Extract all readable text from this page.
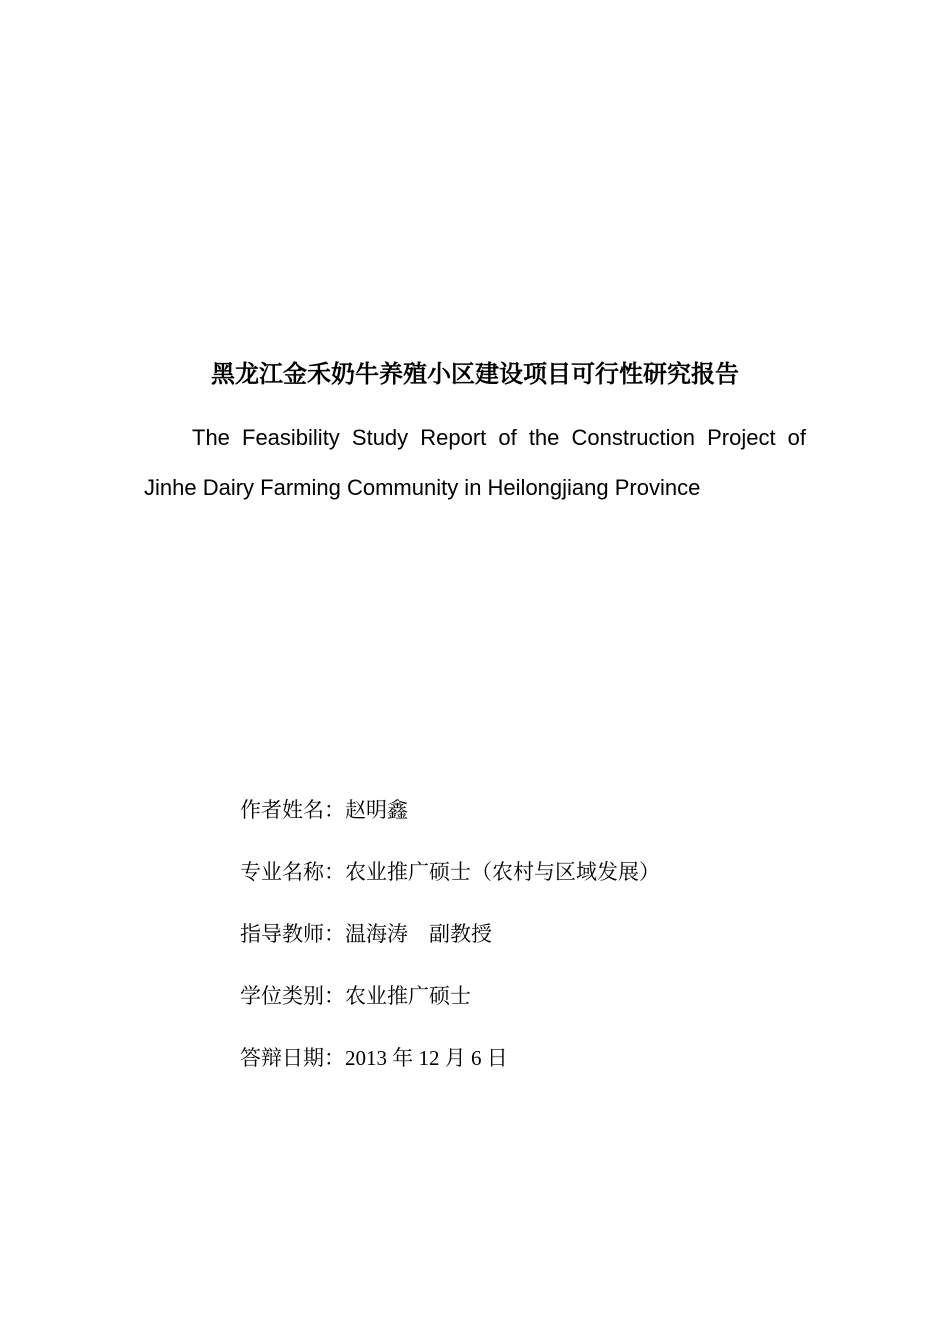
黑龙江金禾奶牛养殖小区建设项目可行性研究报告
The Feasibility Study Report of the Construction Project of Jinhe Dairy Farming Community in Heilongjiang Province
作者姓名：赵明鑫
专业名称：农业推广硕士（农村与区域发展）
指导教师：温海涛　副教授
学位类别：农业推广硕士
答辩日期：2013 年 12 月 6 日
